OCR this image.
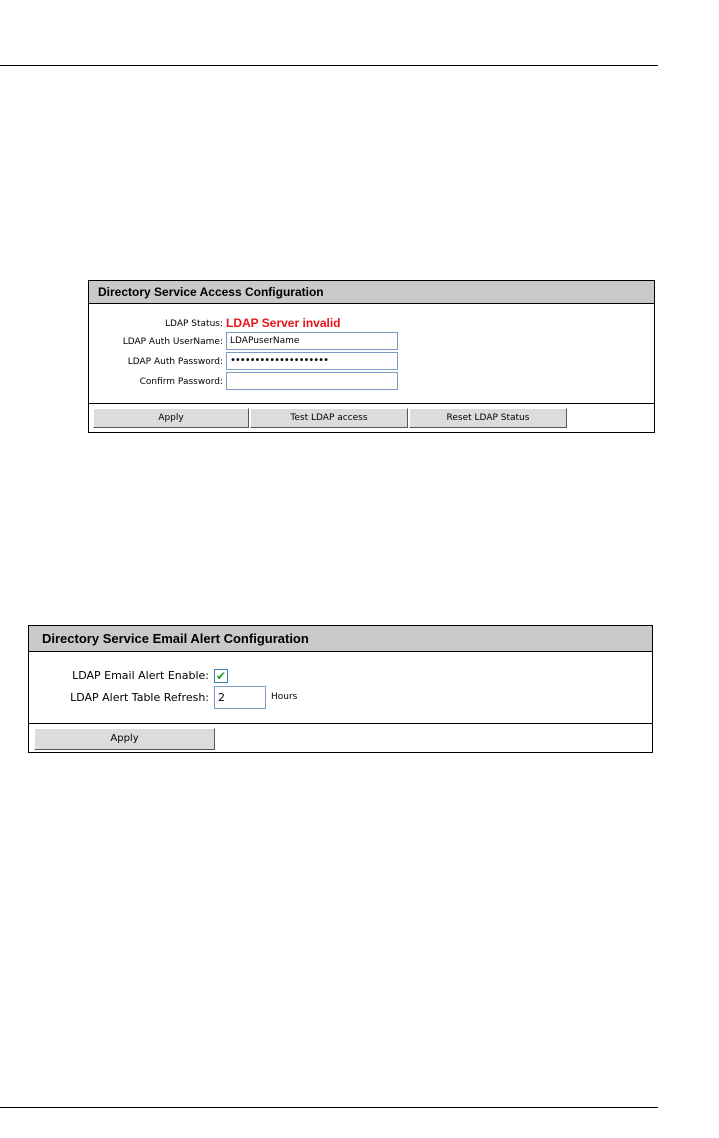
Directory Service Access Configuration
LDAP Status: LDAP Server invalid
LDAP Auth UserName: LDAPuserName
LDAP Auth Password: ••••••••••••••••••••
Confirm Password:
Apply	Test LDAP access	Reset LDAP Status
Directory Service Email Alert Configuration
LDAP Email Alert Enable: ✔
LDAP Alert Table Refresh: 2	Hours
Apply
